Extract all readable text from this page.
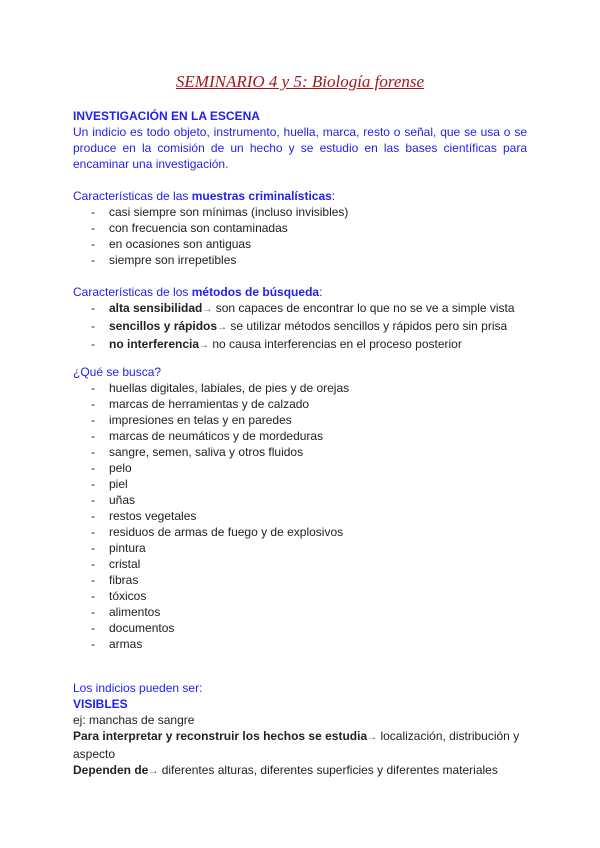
SEMINARIO 4 y 5: Biología forense
INVESTIGACIÓN EN LA ESCENA
Un indicio es todo objeto, instrumento, huella, marca, resto o señal, que se usa o se produce en la comisión de un hecho y se estudio en las bases científicas para encaminar una investigación.
Características de las muestras criminalísticas:
- casi siempre son mínimas (incluso invisibles)
- con frecuencia son contaminadas
- en ocasiones son antiguas
- siempre son irrepetibles
Características de los métodos de búsqueda:
- alta sensibilidad→ son capaces de encontrar lo que no se ve a simple vista
- sencillos y rápidos→ se utilizar métodos sencillos y rápidos pero sin prisa
- no interferencia→ no causa interferencias en el proceso posterior
¿Qué se busca?
- huellas digitales, labiales, de pies y de orejas
- marcas de herramientas y de calzado
- impresiones en telas y en paredes
- marcas de neumáticos y de mordeduras
- sangre, semen, saliva y otros fluidos
- pelo
- piel
- uñas
- restos vegetales
- residuos de armas de fuego y de explosivos
- pintura
- cristal
- fibras
- tóxicos
- alimentos
- documentos
- armas
Los indicios pueden ser:
VISIBLES
ej: manchas de sangre
Para interpretar y reconstruir los hechos se estudia→ localización, distribución y aspecto
Dependen de→ diferentes alturas, diferentes superficies y diferentes materiales
